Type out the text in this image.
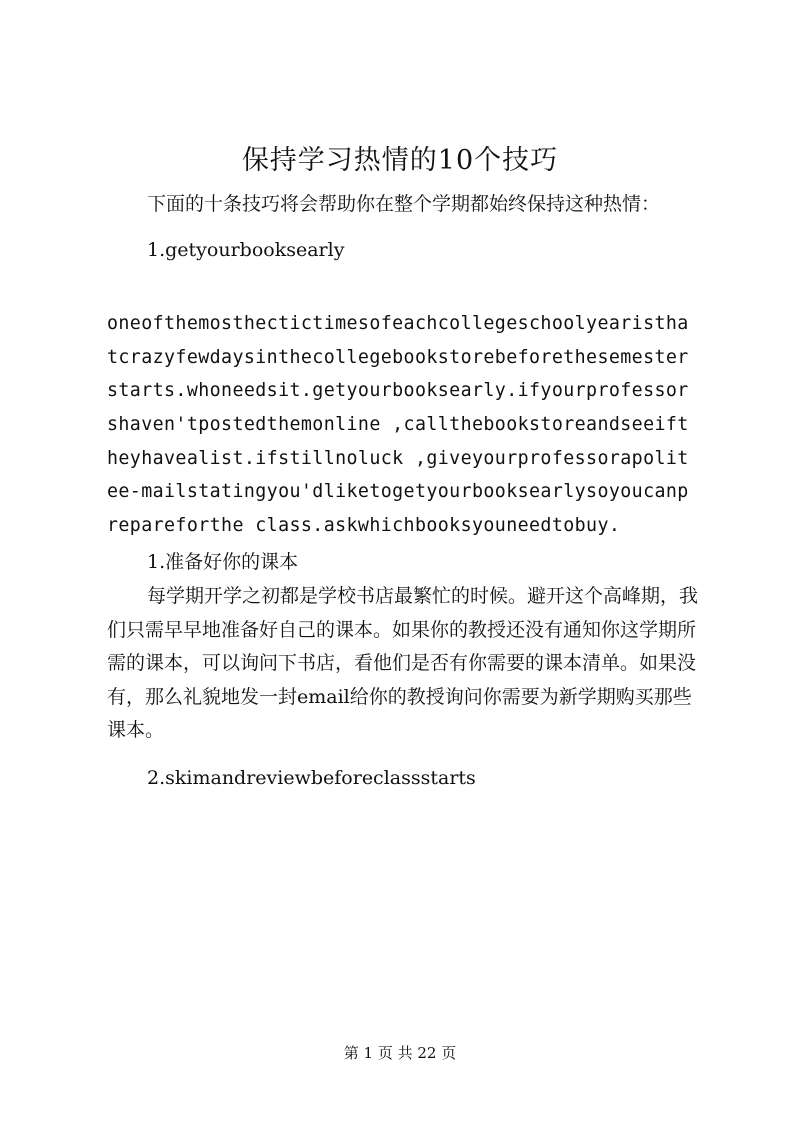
保持学习热情的10个技巧

下面的十条技巧将会帮助你在整个学期都始终保持这种热情：

1.getyourbooksearly

oneofthemosthectictimesofeachcollegeschoolyearisthatcrazyfewdaysinthecollegebookstorebeforethesemesterstarts.whoneedsit.getyourbooksearly.ifyourprofessorshaven'tpostedthemonline ,callthebookstoreandseeiftheyhavealist.ifstillnoluck ,giveyourprofessorapolitee-mailstatingyou'dliketogetyourbooksearlysoyoucanprepareforthe class.askwhichbooksyouneedtobuy.

1.准备好你的课本

每学期开学之初都是学校书店最繁忙的时候。避开这个高峰期，我们只需早早地准备好自己的课本。如果你的教授还没有通知你这学期所需的课本，可以询问下书店，看他们是否有你需要的课本清单。如果没有，那么礼貌地发一封email给你的教授询问你需要为新学期购买那些课本。

2.skimandreviewbeforeclassstarts

第 1 页 共 22 页
